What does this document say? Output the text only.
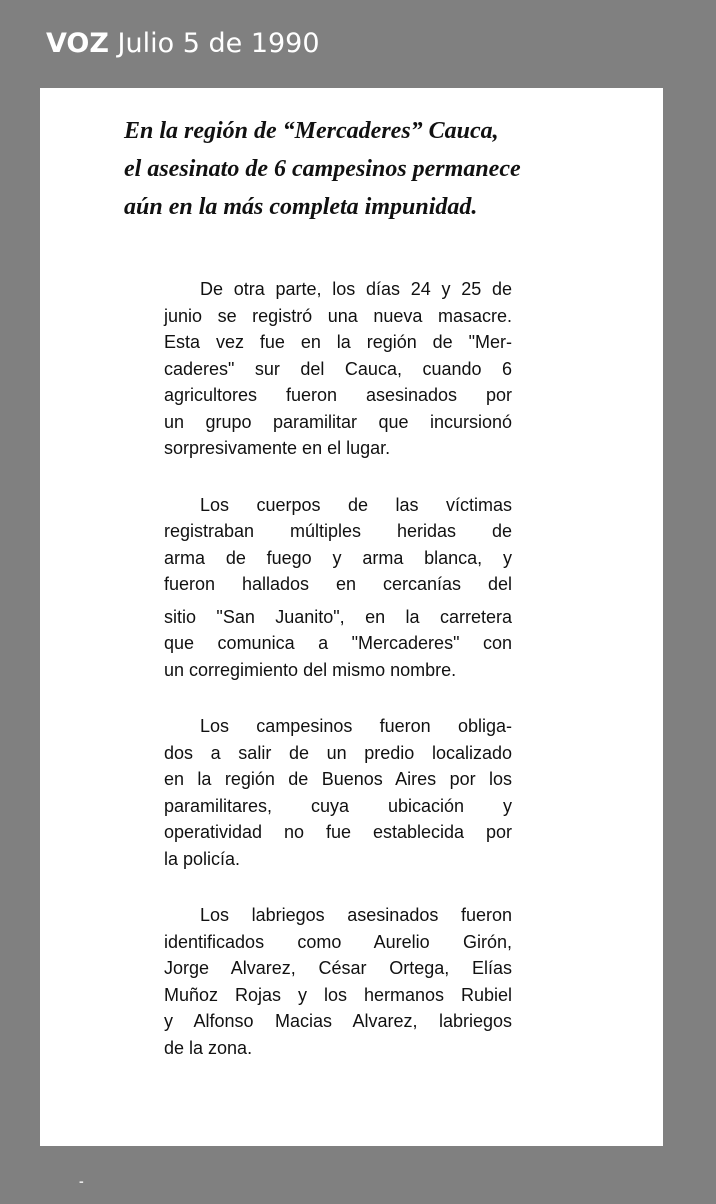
VOZ Julio 5 de 1990
En la región de “Mercaderes” Cauca,
el asesinato de 6 campesinos permanece
aún en la más completa impunidad.

De otra parte, los días 24 y 25 de
junio se registró una nueva masacre.
Esta vez fue en la región de "Mer-
caderes" sur del Cauca, cuando 6
agricultores fueron asesinados por
un grupo paramilitar que incursionó
sorpresivamente en el lugar.

Los cuerpos de las víctimas
registraban múltiples heridas de
arma de fuego y arma blanca, y
fueron hallados en cercanías del
sitio "San Juanito", en la carretera
que comunica a "Mercaderes" con
un corregimiento del mismo nombre.

Los campesinos fueron obliga-
dos a salir de un predio localizado
en la región de Buenos Aires por los
paramilitares, cuya ubicación y
operatividad no fue establecida por
la policía.

Los labriegos asesinados fueron
identificados como Aurelio Girón,
Jorge Alvarez, César Ortega, Elías
Muñoz Rojas y los hermanos Rubiel
y Alfonso Macias Alvarez, labriegos
de la zona.

▮
